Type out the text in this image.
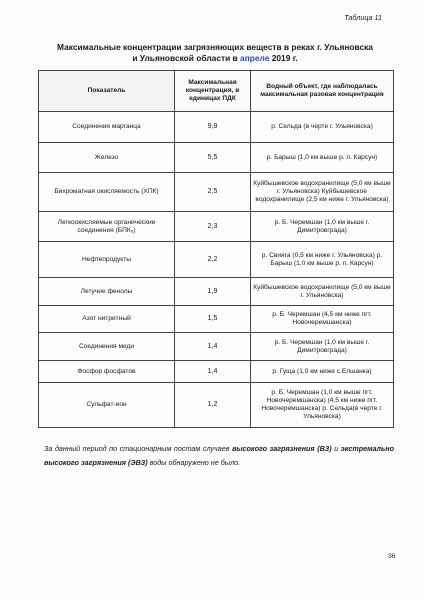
Таблица 11
Максимальные концентрации загрязняющих веществ в реках г. Ульяновска
и Ульяновской области в апреле 2019 г.
Показатель	Максимальная концентрация, в единицах ПДК	Водный объект, где наблюдалась максимальная разовая концентрация
Соединения марганца	9,9	р. Сельда (в черте г. Ульяновска)
Железо	5,5	р. Барыш (1,0 км выше р. п. Карсун)
Бихроматная окисляемость (ХПК)	2,5	Куйбышевское водохранилище (5,0 км выше г. Ульяновска) Куйбышевское водохранилище (2,5 км ниже г. Ульяновска)
Легкоокисляемые органические соединения (БПК₅)	2,3	р. Б. Черемшан (1,0 км выше г. Димитровграда)
Нефтепродукты	2,2	р. Свияга (0,5 км ниже г. Ульяновска) р. Барыш (1,0 км выше р. п. Карсун)
Летучие фенолы	1,9	Куйбышевское водохранилище (5,0 км выше г. Ульяновска)
Азот нитритный	1,5	р. Б. Черемшан (4,5 км ниже пгт. Новочеремшанска)
Соединения меди	1,4	р. Б. Черемшан (1,0 км выше г. Димитровграда)
Фосфор фосфатов	1,4	р. Гуща (1,0 км ниже с.Елшанка)
Сульфат-ион	1,2	р. Б. Черемшан (1,0 км выше пгт. Новочеремшанска) (4,5 км ниже пгт. Новочеремшанска) р. Сельда(в черте г. Ульяновска)
За данный период по стационарным постам случаев высокого загрязнения (ВЗ) и экстремально высокого загрязнения (ЭВЗ) воды обнаружено не было.
36
